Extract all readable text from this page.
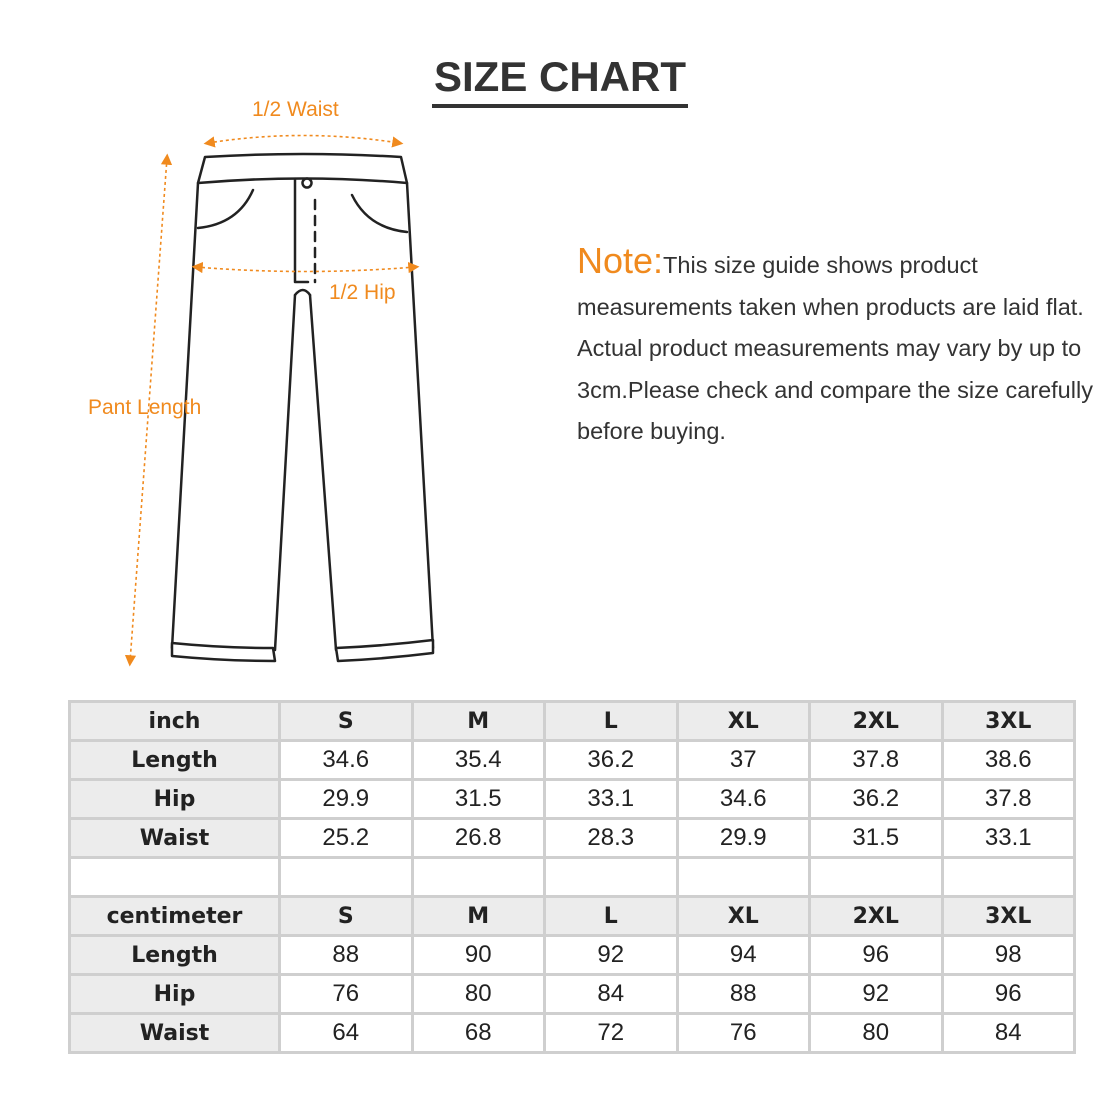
SIZE CHART
1/2 Waist
1/2 Hip
Pant Length
Note:This size guide shows product measurements taken when products are laid flat. Actual product measurements may vary by up to 3cm.Please check and compare the size carefully before buying.
inch	S	M	L	XL	2XL	3XL
Length	34.6	35.4	36.2	37	37.8	38.6
Hip	29.9	31.5	33.1	34.6	36.2	37.8
Waist	25.2	26.8	28.3	29.9	31.5	33.1

centimeter	S	M	L	XL	2XL	3XL
Length	88	90	92	94	96	98
Hip	76	80	84	88	92	96
Waist	64	68	72	76	80	84
